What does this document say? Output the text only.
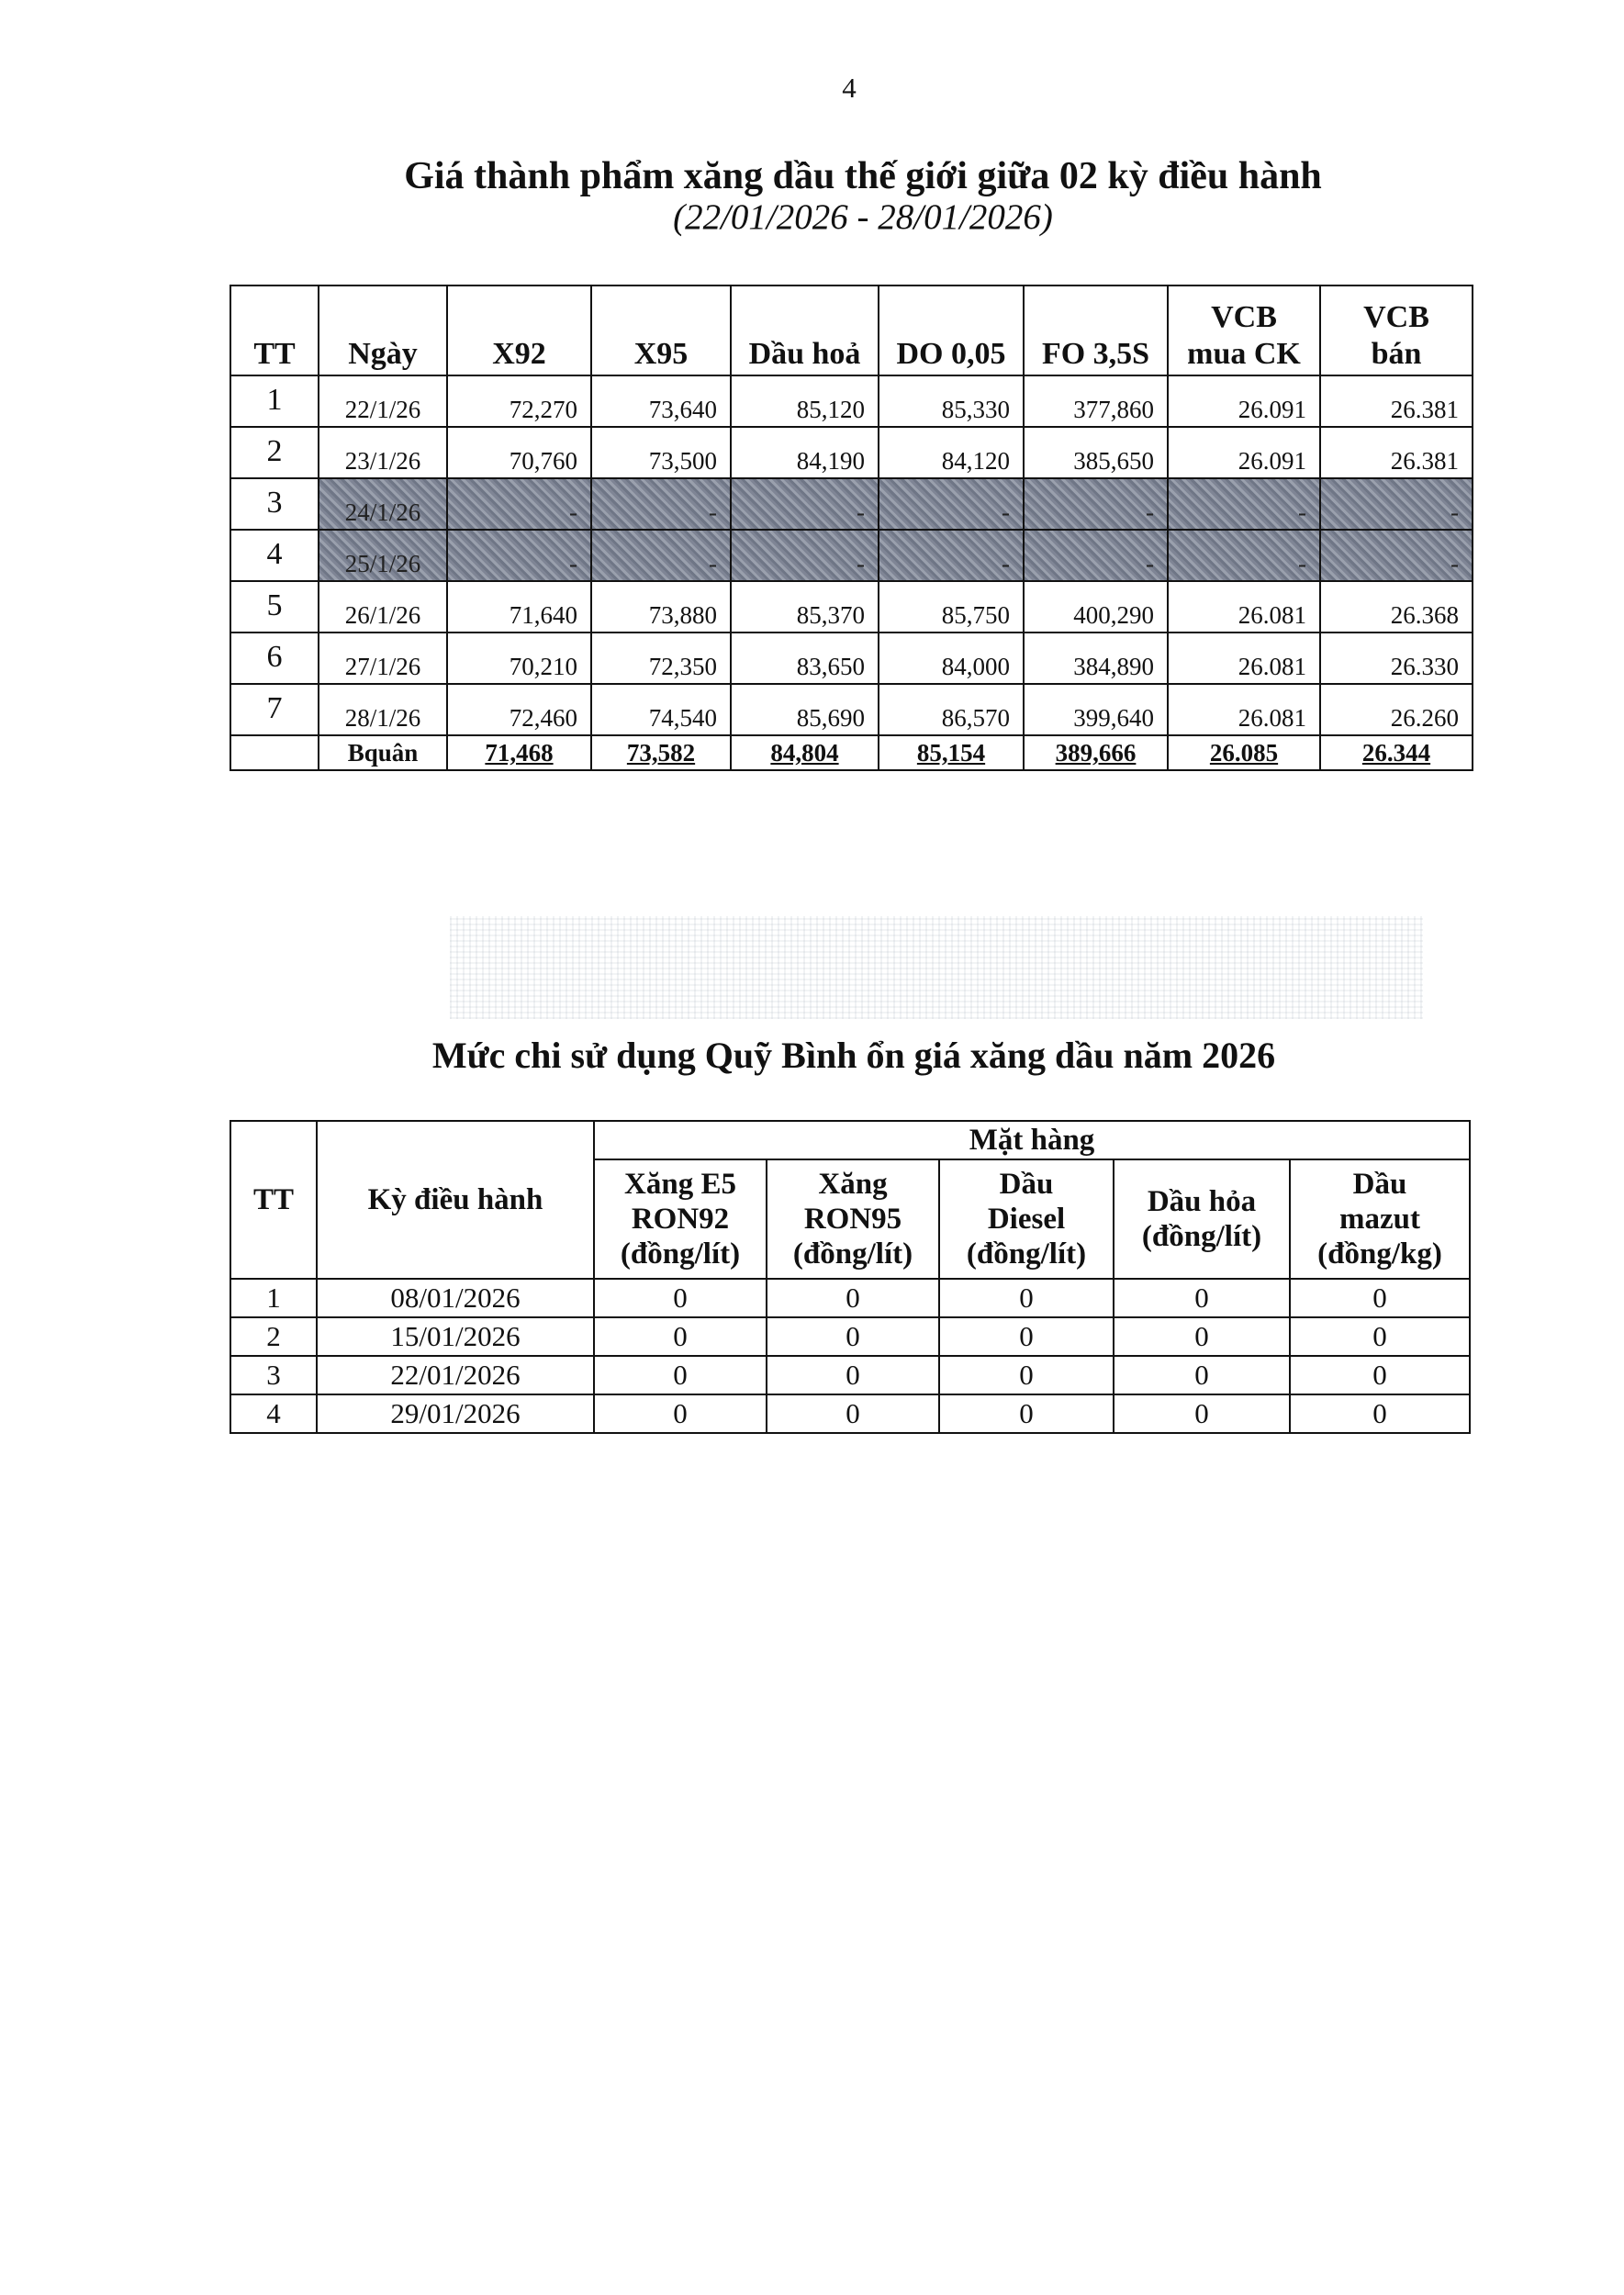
4
Giá thành phẩm xăng dầu thế giới giữa 02 kỳ điều hành
(22/01/2026 - 28/01/2026)
TT	Ngày	X92	X95	Dầu hoả	DO 0,05	FO 3,5S	VCB
mua CK	VCB
bán
1	22/1/26	72,270	73,640	85,120	85,330	377,860	26.091	26.381
2	23/1/26	70,760	73,500	84,190	84,120	385,650	26.091	26.381
3	24/1/26	-	-	-	-	-	-	-
4	25/1/26	-	-	-	-	-	-	-
5	26/1/26	71,640	73,880	85,370	85,750	400,290	26.081	26.368
6	27/1/26	70,210	72,350	83,650	84,000	384,890	26.081	26.330
7	28/1/26	72,460	74,540	85,690	86,570	399,640	26.081	26.260
	Bquân	71,468	73,582	84,804	85,154	389,666	26.085	26.344
Mức chi sử dụng Quỹ Bình ổn giá xăng dầu năm 2026
TT	Kỳ điều hành	Mặt hàng				
		Xăng E5
RON92
(đồng/lít)	Xăng
RON95
(đồng/lít)	Dầu
Diesel
(đồng/lít)	Dầu hỏa
(đồng/lít)	Dầu
mazut
(đồng/kg)
1	08/01/2026	0	0	0	0	0
2	15/01/2026	0	0	0	0	0
3	22/01/2026	0	0	0	0	0
4	29/01/2026	0	0	0	0	0
